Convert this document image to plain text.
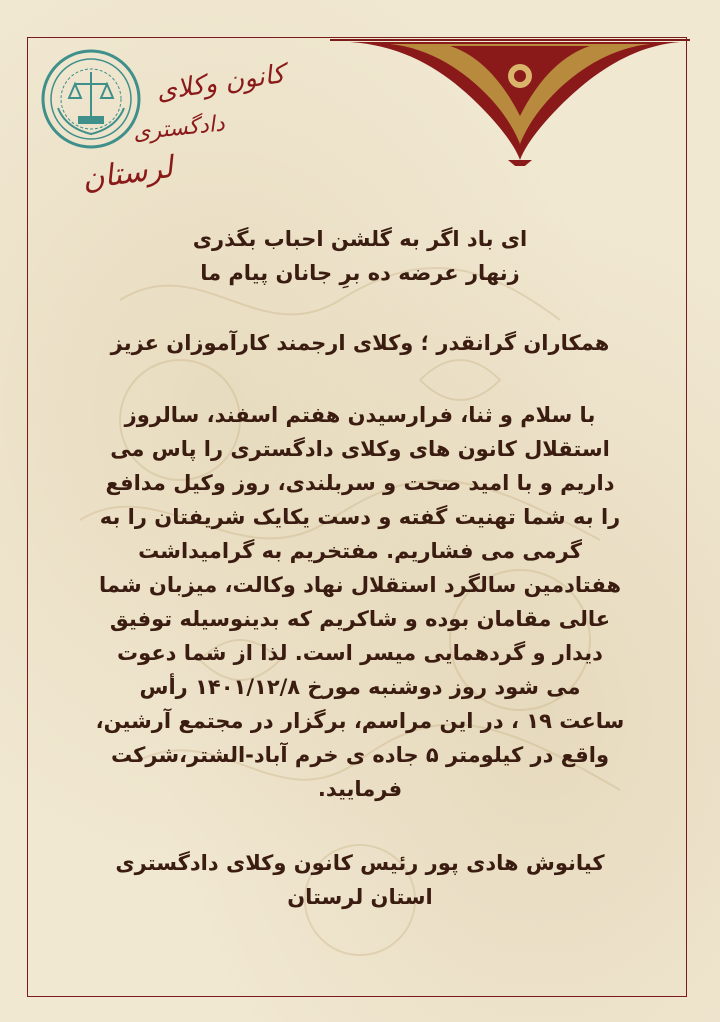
کانون وکلای
دادگستری
لرستان
ای باد اگر به گلشن احباب بگذری
زنهار عرضه ده برِ جانان پیام ما
همکاران گرانقدر ؛ وکلای ارجمند کارآموزان عزیز
با سلام و ثنا، فرارسیدن هفتم اسفند، سالروز
استقلال کانون های وکلای دادگستری را پاس می
داریم و با امید صحت و سربلندی، روز وکیل مدافع
را به شما تهنیت گفته و دست یکایک شریفتان را به
گرمی می فشاریم. مفتخریم به گرامیداشت
هفتادمین سالگرد استقلال نهاد وکالت، میزبان شما
عالی مقامان بوده و شاکریم که بدینوسیله توفیق
دیدار و گردهمایی میسر است. لذا از شما دعوت
می شود روز دوشنبه مورخ ۱۴۰۱/۱۲/۸ رأس
ساعت ۱۹ ، در این مراسم، برگزار در مجتمع آرشین،
واقع در کیلومتر ۵ جاده ی خرم آباد-الشتر،شرکت
فرمایید.
کیانوش هادی پور رئیس کانون وکلای دادگستری
استان لرستان
